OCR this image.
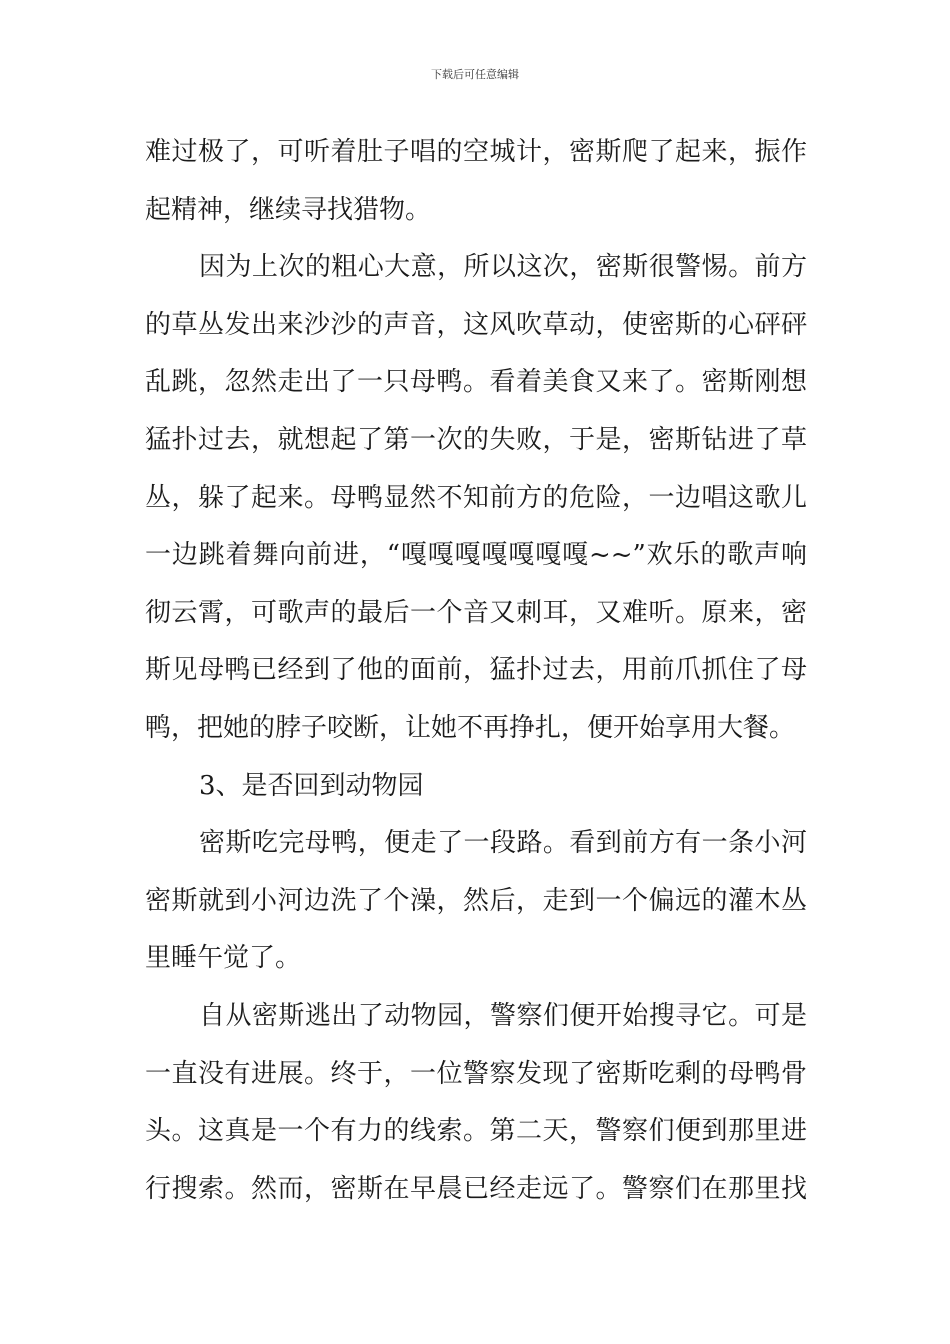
下载后可任意编辑
难过极了，可听着肚子唱的空城计，密斯爬了起来，振作
起精神，继续寻找猎物。
因为上次的粗心大意，所以这次，密斯很警惕。前方
的草丛发出来沙沙的声音，这风吹草动，使密斯的心砰砰
乱跳，忽然走出了一只母鸭。看着美食又来了。密斯刚想
猛扑过去，就想起了第一次的失败，于是，密斯钻进了草
丛，躲了起来。母鸭显然不知前方的危险，一边唱这歌儿
一边跳着舞向前进，“嘎嘎嘎嘎嘎嘎嘎~~”欢乐的歌声响
彻云霄，可歌声的最后一个音又刺耳，又难听。原来，密
斯见母鸭已经到了他的面前，猛扑过去，用前爪抓住了母
鸭，把她的脖子咬断，让她不再挣扎，便开始享用大餐。
3、是否回到动物园
密斯吃完母鸭，便走了一段路。看到前方有一条小河
密斯就到小河边洗了个澡，然后，走到一个偏远的灌木丛
里睡午觉了。
自从密斯逃出了动物园，警察们便开始搜寻它。可是
一直没有进展。终于，一位警察发现了密斯吃剩的母鸭骨
头。这真是一个有力的线索。第二天，警察们便到那里进
行搜索。然而，密斯在早晨已经走远了。警察们在那里找
